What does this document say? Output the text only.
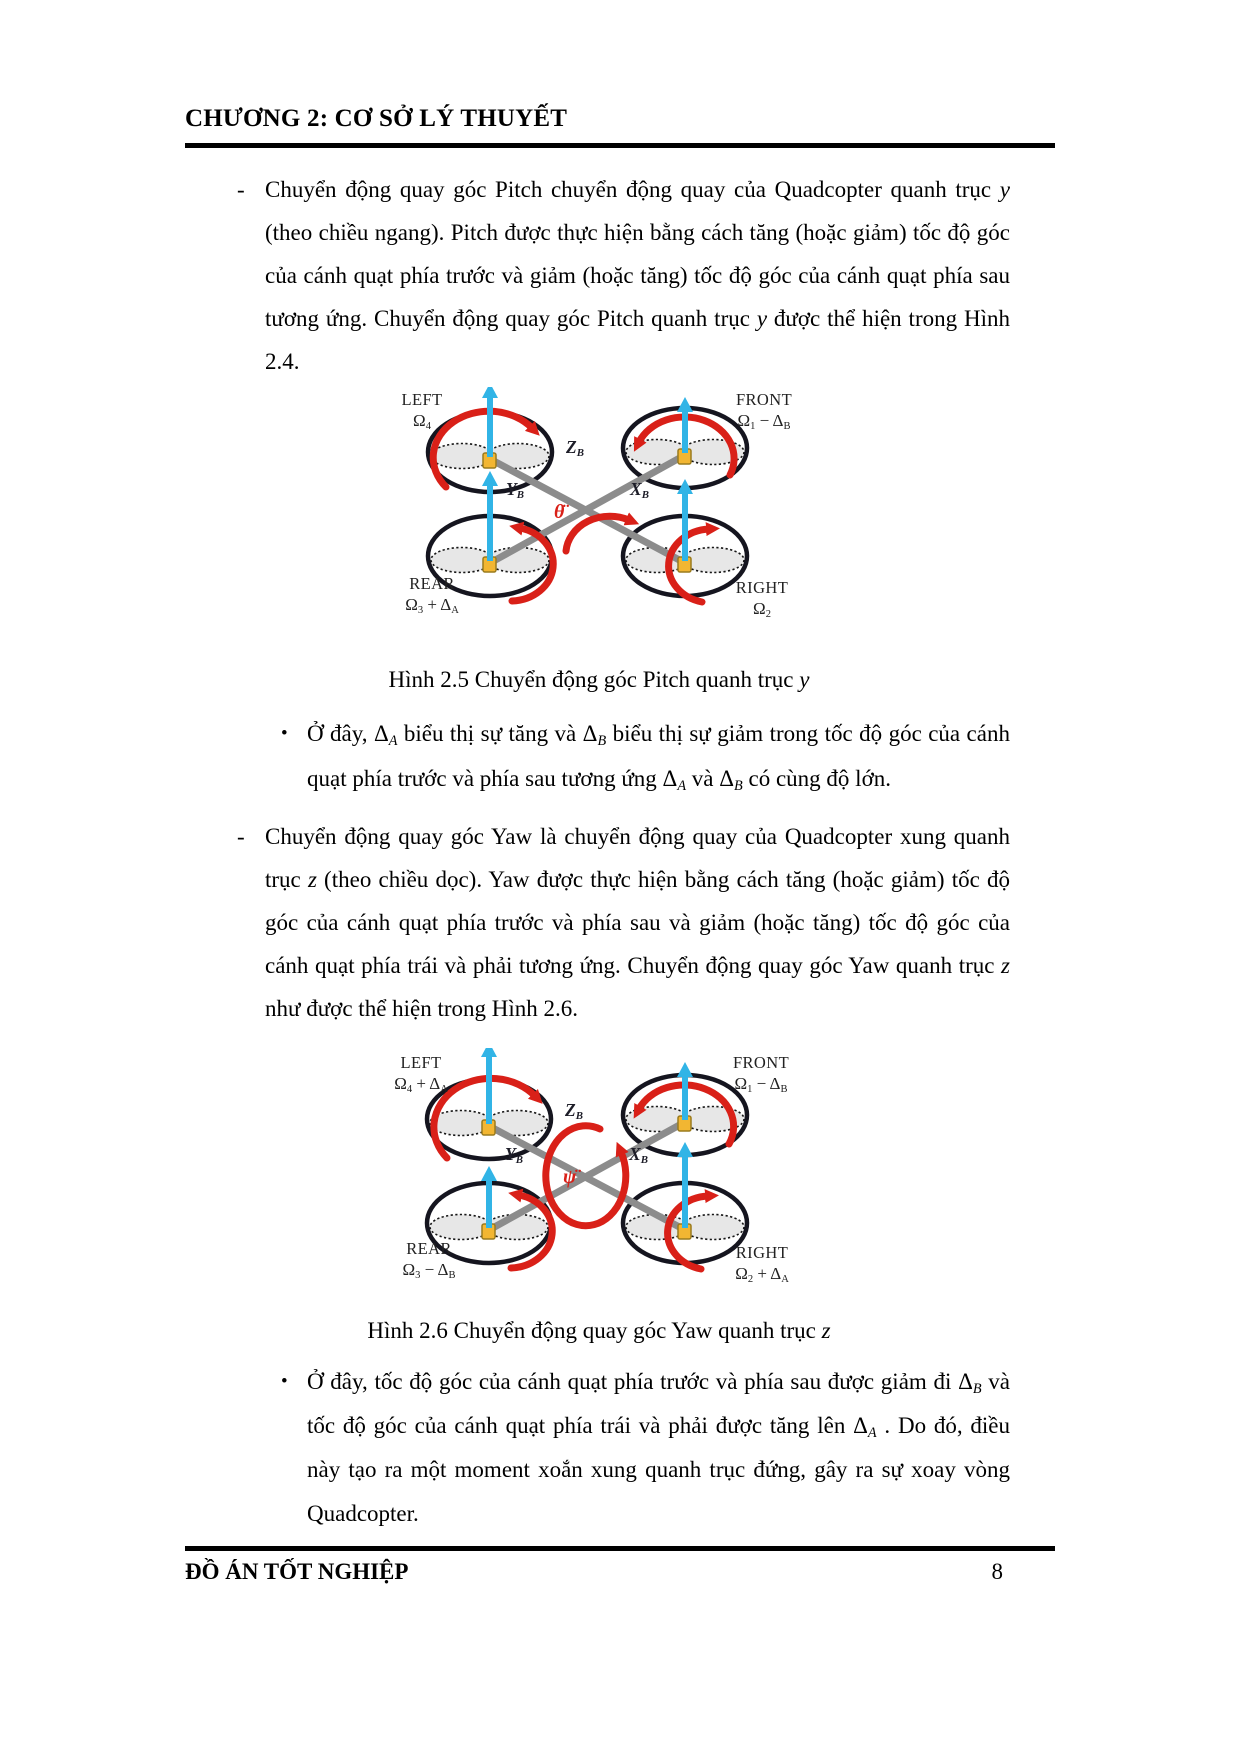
CHƯƠNG 2: CƠ SỞ LÝ THUYẾT
- Chuyển động quay góc Pitch chuyển động quay của Quadcopter quanh trục y (theo chiều ngang). Pitch được thực hiện bằng cách tăng (hoặc giảm) tốc độ góc của cánh quạt phía trước và giảm (hoặc tăng) tốc độ góc của cánh quạt phía sau tương ứng. Chuyển động quay góc Pitch quanh trục y được thể hiện trong Hình 2.4.
LEFT
Ω4
FRONT
Ω1 − ΔB
REAR
Ω3 + ΔA
RIGHT
Ω2
ZB
YB	XB
θ̈

Hình 2.5 Chuyển động góc Pitch quanh trục y

• Ở đây, ΔA biểu thị sự tăng và ΔB biểu thị sự giảm trong tốc độ góc của cánh quạt phía trước và phía sau tương ứng ΔA và ΔB có cùng độ lớn.
- Chuyển động quay góc Yaw là chuyển động quay của Quadcopter xung quanh trục z (theo chiều dọc). Yaw được thực hiện bằng cách tăng (hoặc giảm) tốc độ góc của cánh quạt phía trước và phía sau và giảm (hoặc tăng) tốc độ góc của cánh quạt phía trái và phải tương ứng. Chuyển động quay góc Yaw quanh trục z như được thể hiện trong Hình 2.6.
LEFT
Ω4 + ΔA
FRONT
Ω1 − ΔB
REAR
Ω3 − ΔB
RIGHT
Ω2 + ΔA
ZB
YB	XB
ψ̈

Hình 2.6 Chuyển động quay góc Yaw quanh trục z

• Ở đây, tốc độ góc của cánh quạt phía trước và phía sau được giảm đi ΔB và tốc độ góc của cánh quạt phía trái và phải được tăng lên ΔA . Do đó, điều này tạo ra một moment xoắn xung quanh trục đứng, gây ra sự xoay vòng Quadcopter.
ĐỒ ÁN TỐT NGHIỆP	8
